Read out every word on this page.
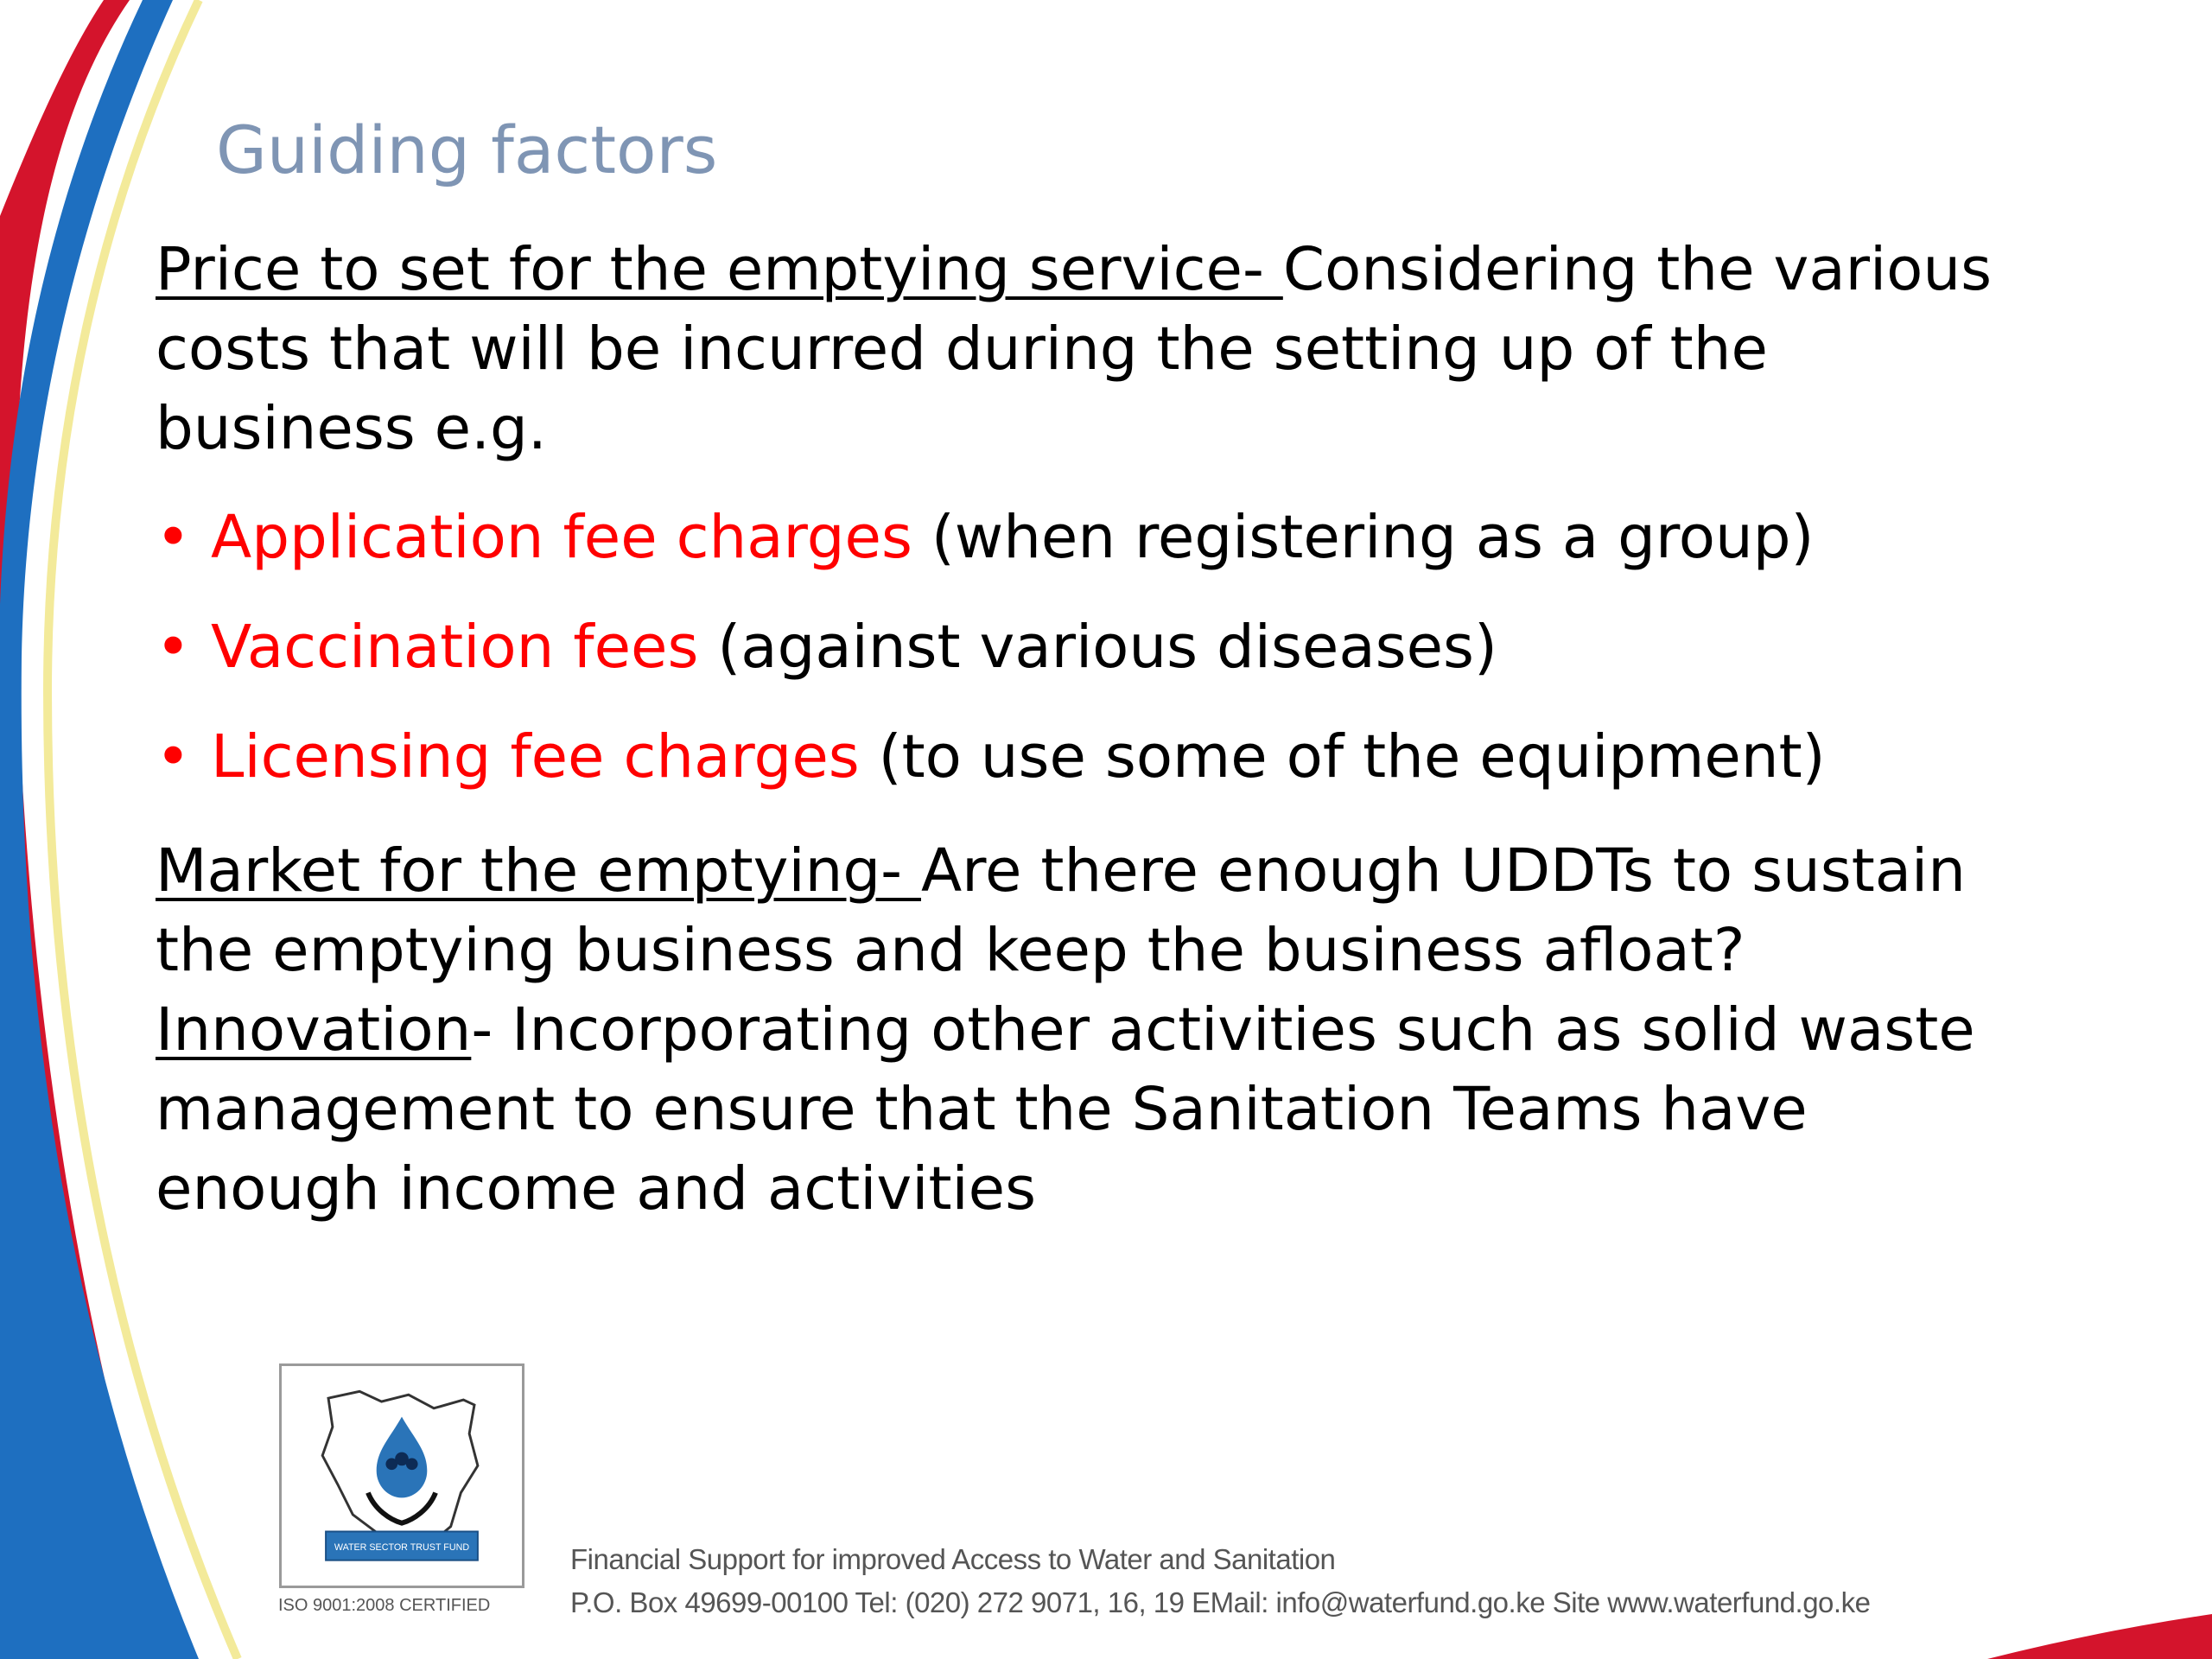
Guiding factors
Price to set for the emptying service- Considering the various costs that will be incurred during the setting up of the business e.g.
• Application fee charges (when registering as a group)
• Vaccination fees (against various diseases)
• Licensing fee charges (to use some of the equipment)
Market for the emptying- Are there enough UDDTs to sustain the emptying business and keep the business afloat?
Innovation- Incorporating other activities such as solid waste management to ensure that the Sanitation Teams have enough income and activities
WATER SECTOR TRUST FUND
ISO 9001:2008 CERTIFIED
Financial Support for improved Access to Water and Sanitation
P.O. Box 49699-00100 Tel: (020) 272 9071, 16, 19 EMail: info@waterfund.go.ke Site www.waterfund.go.ke
